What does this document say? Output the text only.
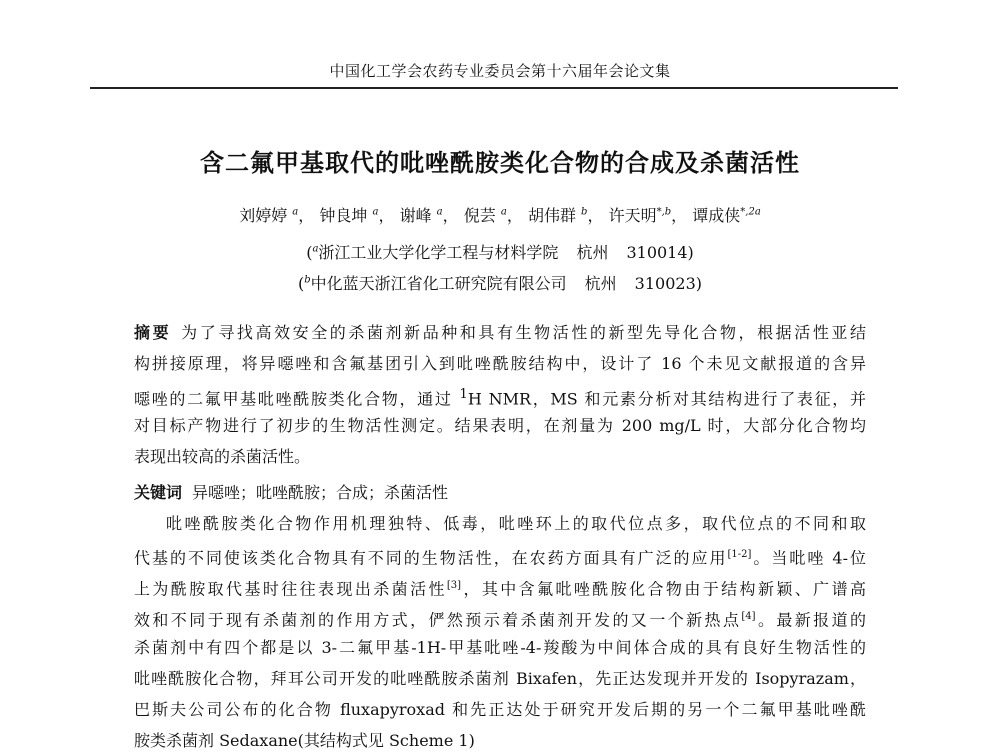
中国化工学会农药专业委员会第十六届年会论文集
含二氟甲基取代的吡唑酰胺类化合物的合成及杀菌活性
刘婷婷 $^a$， 钟良坤 $^a$， 谢峰 $^a$， 倪芸 $^a$， 胡伟群 $^b$， 许天明$^{*,b}$， 谭成侠$^{*,2a}$
($^a$浙江工业大学化学工程与材料学院 杭州 310014)
($^b$中化蓝天浙江省化工研究院有限公司 杭州 310023)
摘要 为了寻找高效安全的杀菌剂新品种和具有生物活性的新型先导化合物，根据活性亚结
构拼接原理，将异噁唑和含氟基团引入到吡唑酰胺结构中，设计了 16 个未见文献报道的含异
噁唑的二氟甲基吡唑酰胺类化合物，通过 $^1$H NMR，MS 和元素分析对其结构进行了表征，并
对目标产物进行了初步的生物活性测定。结果表明，在剂量为 200 mg/L 时，大部分化合物均
表现出较高的杀菌活性。
关键词 异噁唑；吡唑酰胺；合成；杀菌活性
吡唑酰胺类化合物作用机理独特、低毒，吡唑环上的取代位点多，取代位点的不同和取
代基的不同使该类化合物具有不同的生物活性，在农药方面具有广泛的应用[1-2]。当吡唑 4-位
上为酰胺取代基时往往表现出杀菌活性[3]，其中含氟吡唑酰胺化合物由于结构新颖、广谱高
效和不同于现有杀菌剂的作用方式，俨然预示着杀菌剂开发的又一个新热点[4]。最新报道的
杀菌剂中有四个都是以 3-二氟甲基-1H-甲基吡唑-4-羧酸为中间体合成的具有良好生物活性的
吡唑酰胺化合物，拜耳公司开发的吡唑酰胺杀菌剂 Bixafen，先正达发现并开发的 Isopyrazam，
巴斯夫公司公布的化合物 fluxapyroxad 和先正达处于研究开发后期的另一个二氟甲基吡唑酰
胺类杀菌剂 Sedaxane(其结构式见 Scheme 1)
